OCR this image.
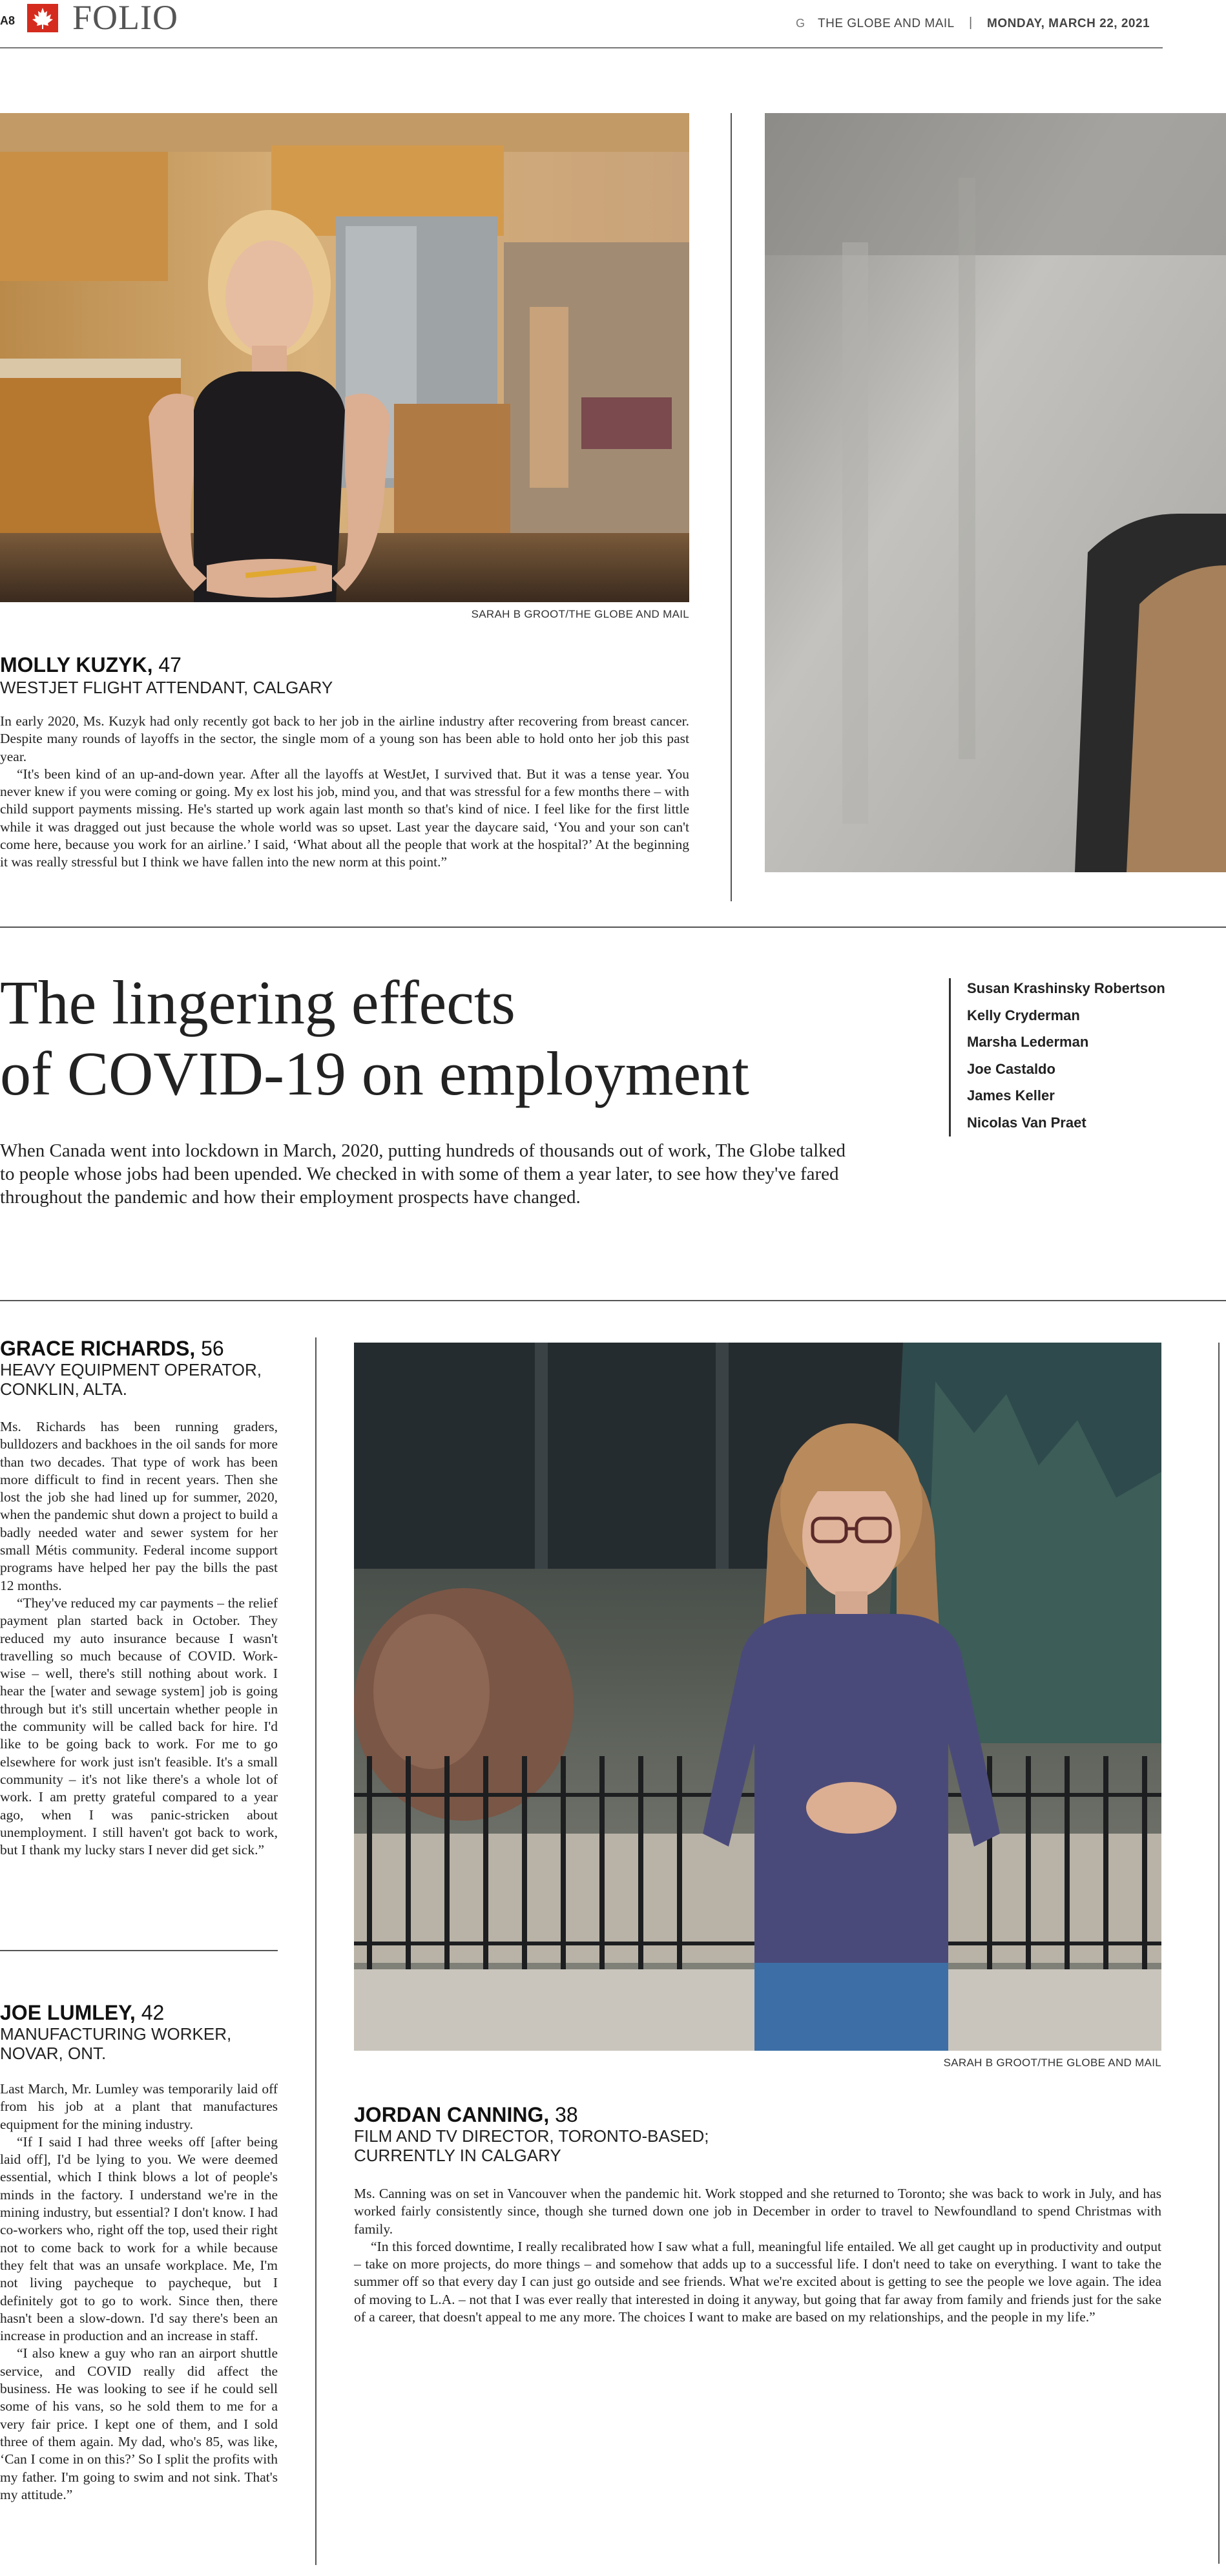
A8 FOLIO	G THE GLOBE AND MAIL | MONDAY, MARCH 22, 2021
SARAH B GROOT/THE GLOBE AND MAIL
MOLLY KUZYK, 47
WESTJET FLIGHT ATTENDANT, CALGARY

In early 2020, Ms. Kuzyk had only recently got back to her job in the airline industry after recovering from breast cancer. Despite many rounds of layoffs in the sector, the single mom of a young son has been able to hold onto her job this past year.

“It's been kind of an up-and-down year. After all the layoffs at WestJet, I survived that. But it was a tense year. You never knew if you were coming or going. My ex lost his job, mind you, and that was stressful for a few months there – with child support payments missing. He's started up work again last month so that's kind of nice. I feel like for the first little while it was dragged out just because the whole world was so upset. Last year the daycare said, ‘You and your son can't come here, because you work for an airline.’ I said, ‘What about all the people that work at the hospital?’ At the beginning it was really stressful but I think we have fallen into the new norm at this point.”

The lingering effects
of COVID-19 on employment
When Canada went into lockdown in March, 2020, putting hundreds of thousands out of work, The Globe talked to people whose jobs had been upended. We checked in with some of them a year later, to see how they've fared throughout the pandemic and how their employment prospects have changed.
Susan Krashinsky Robertson
Kelly Cryderman
Marsha Lederman
Joe Castaldo
James Keller
Nicolas Van Praet
GRACE RICHARDS, 56
HEAVY EQUIPMENT OPERATOR,
CONKLIN, ALTA.

Ms. Richards has been running graders, bulldozers and backhoes in the oil sands for more than two decades. That type of work has been more difficult to find in recent years. Then she lost the job she had lined up for summer, 2020, when the pandemic shut down a project to build a badly needed water and sewer system for her small Métis community. Federal income support programs have helped her pay the bills the past 12 months.

“They've reduced my car payments – the relief payment plan started back in October. They reduced my auto insurance because I wasn't travelling so much because of COVID. Work-wise – well, there's still nothing about work. I hear the [water and sewage system] job is going through but it's still uncertain whether people in the community will be called back for hire. I'd like to be going back to work. For me to go elsewhere for work just isn't feasible. It's a small community – it's not like there's a whole lot of work. I am pretty grateful compared to a year ago, when I was panic-stricken about unemployment. I still haven't got back to work, but I thank my lucky stars I never did get sick.”

JOE LUMLEY, 42
MANUFACTURING WORKER,
NOVAR, ONT.

Last March, Mr. Lumley was temporarily laid off from his job at a plant that manufactures equipment for the mining industry.

“If I said I had three weeks off [after being laid off], I'd be lying to you. We were deemed essential, which I think blows a lot of people's minds in the factory. I understand we're in the mining industry, but essential? I don't know. I had co-workers who, right off the top, used their right not to come back to work for a while because they felt that was an unsafe workplace. Me, I'm not living paycheque to paycheque, but I definitely got to go to work. Since then, there hasn't been a slow-down. I'd say there's been an increase in production and an increase in staff.

“I also knew a guy who ran an airport shuttle service, and COVID really did affect the business. He was looking to see if he could sell some of his vans, so he sold them to me for a very fair price. I kept one of them, and I sold three of them again. My dad, who's 85, was like, ‘Can I come in on this?’ So I split the profits with my father. I'm going to swim and not sink. That's my attitude.”

SARAH B GROOT/THE GLOBE AND MAIL
JORDAN CANNING, 38
FILM AND TV DIRECTOR, TORONTO-BASED;
CURRENTLY IN CALGARY

Ms. Canning was on set in Vancouver when the pandemic hit. Work stopped and she returned to Toronto; she was back to work in July, and has worked fairly consistently since, though she turned down one job in December in order to travel to Newfoundland to spend Christmas with family.

“In this forced downtime, I really recalibrated how I saw what a full, meaningful life entailed. We all get caught up in productivity and output – take on more projects, do more things – and somehow that adds up to a successful life. I don't need to take on everything. I want to take the summer off so that every day I can just go outside and see friends. What we're excited about is getting to see the people we love again. The idea of moving to L.A. – not that I was ever really that interested in doing it anyway, but going that far away from family and friends just for the sake of a career, that doesn't appeal to me any more. The choices I want to make are based on my relationships, and the people in my life.”
